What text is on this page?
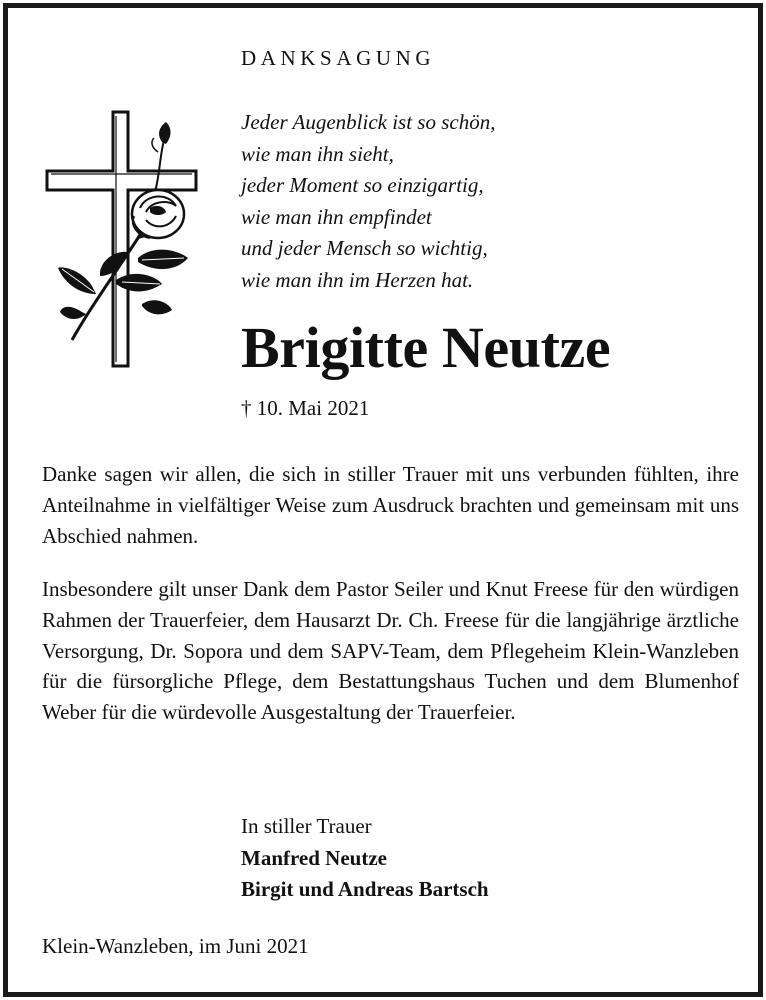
DANKSAGUNG
Jeder Augenblick ist so schön,
wie man ihn sieht,
jeder Moment so einzigartig,
wie man ihn empfindet
und jeder Mensch so wichtig,
wie man ihn im Herzen hat.
Brigitte Neutze
† 10. Mai 2021
Danke sagen wir allen, die sich in stiller Trauer mit uns verbunden fühlten, ihre Anteilnahme in vielfältiger Weise zum Ausdruck brachten und gemeinsam mit uns Abschied nahmen.
Insbesondere gilt unser Dank dem Pastor Seiler und Knut Freese für den würdigen Rahmen der Trauerfeier, dem Hausarzt Dr. Ch. Freese für die langjährige ärztliche Versorgung, Dr. Sopora und dem SAPV-Team, dem Pflegeheim Klein-Wanzleben für die fürsorgliche Pflege, dem Bestattungshaus Tuchen und dem Blumenhof Weber für die würdevolle Ausgestaltung der Trauerfeier.
In stiller Trauer
Manfred Neutze
Birgit und Andreas Bartsch
Klein-Wanzleben, im Juni 2021
